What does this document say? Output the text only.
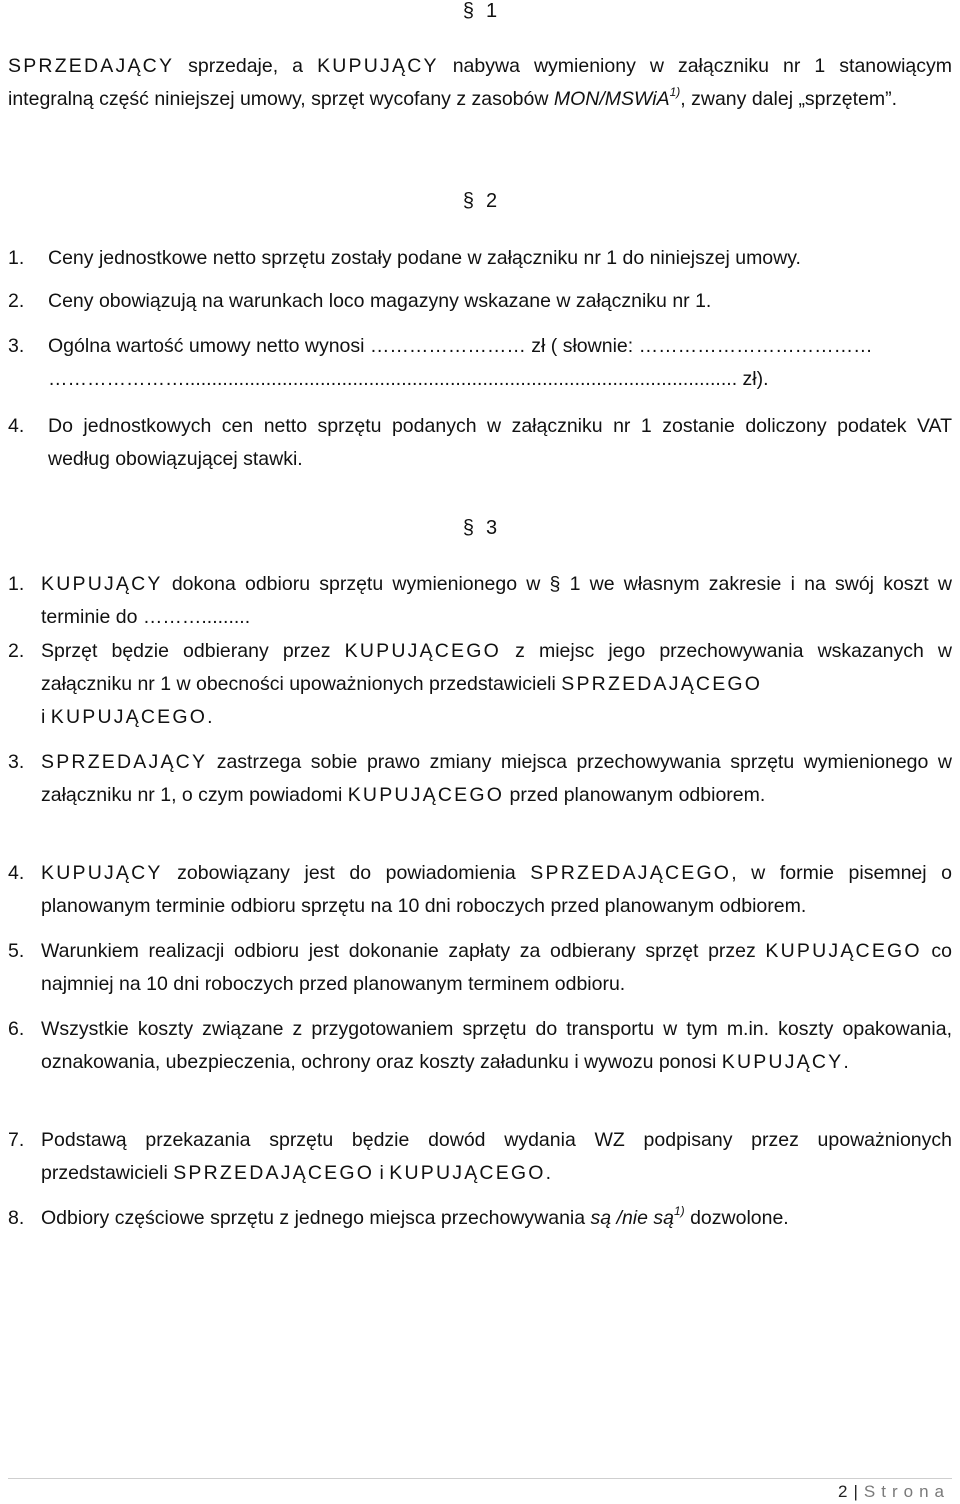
§ 1
SPRZEDAJĄCY sprzedaje, a KUPUJĄCY nabywa wymieniony w załączniku nr 1 stanowiącym integralną część niniejszej umowy, sprzęt wycofany z zasobów MON/MSWiA$^{1)}$, zwany dalej „sprzętem”.
§ 2
1. Ceny jednostkowe netto sprzętu zostały podane w załączniku nr 1 do niniejszej umowy.
2. Ceny obowiązują na warunkach loco magazyny wskazane w załączniku nr 1.
3. Ogólna wartość umowy netto wynosi …………………… zł ( słownie: ………………………………
…………………...................................................................................................... zł).
4. Do jednostkowych cen netto sprzętu podanych w załączniku nr 1 zostanie doliczony podatek VAT według obowiązującej stawki.
§ 3
1. KUPUJĄCY dokona odbioru sprzętu wymienionego w § 1 we własnym zakresie i na swój koszt w terminie do ……….........
2. Sprzęt będzie odbierany przez KUPUJĄCEGO z miejsc jego przechowywania wskazanych w załączniku nr 1 w obecności upoważnionych przedstawicieli SPRZEDAJĄCEGO
i KUPUJĄCEGO.
3. SPRZEDAJĄCY zastrzega sobie prawo zmiany miejsca przechowywania sprzętu wymienionego w załączniku nr 1, o czym powiadomi KUPUJĄCEGO przed planowanym odbiorem.
4. KUPUJĄCY zobowiązany jest do powiadomienia SPRZEDAJĄCEGO, w formie pisemnej o planowanym terminie odbioru sprzętu na 10 dni roboczych przed planowanym odbiorem.
5. Warunkiem realizacji odbioru jest dokonanie zapłaty za odbierany sprzęt przez KUPUJĄCEGO co najmniej na 10 dni roboczych przed planowanym terminem odbioru.
6. Wszystkie koszty związane z przygotowaniem sprzętu do transportu w tym m.in. koszty opakowania, oznakowania, ubezpieczenia, ochrony oraz koszty załadunku i wywozu ponosi KUPUJĄCY.
7. Podstawą przekazania sprzętu będzie dowód wydania WZ podpisany przez upoważnionych przedstawicieli SPRZEDAJĄCEGO i KUPUJĄCEGO.
8. Odbiory częściowe sprzętu z jednego miejsca przechowywania są /nie $są^{1)}$ dozwolone.
2 | Strona
